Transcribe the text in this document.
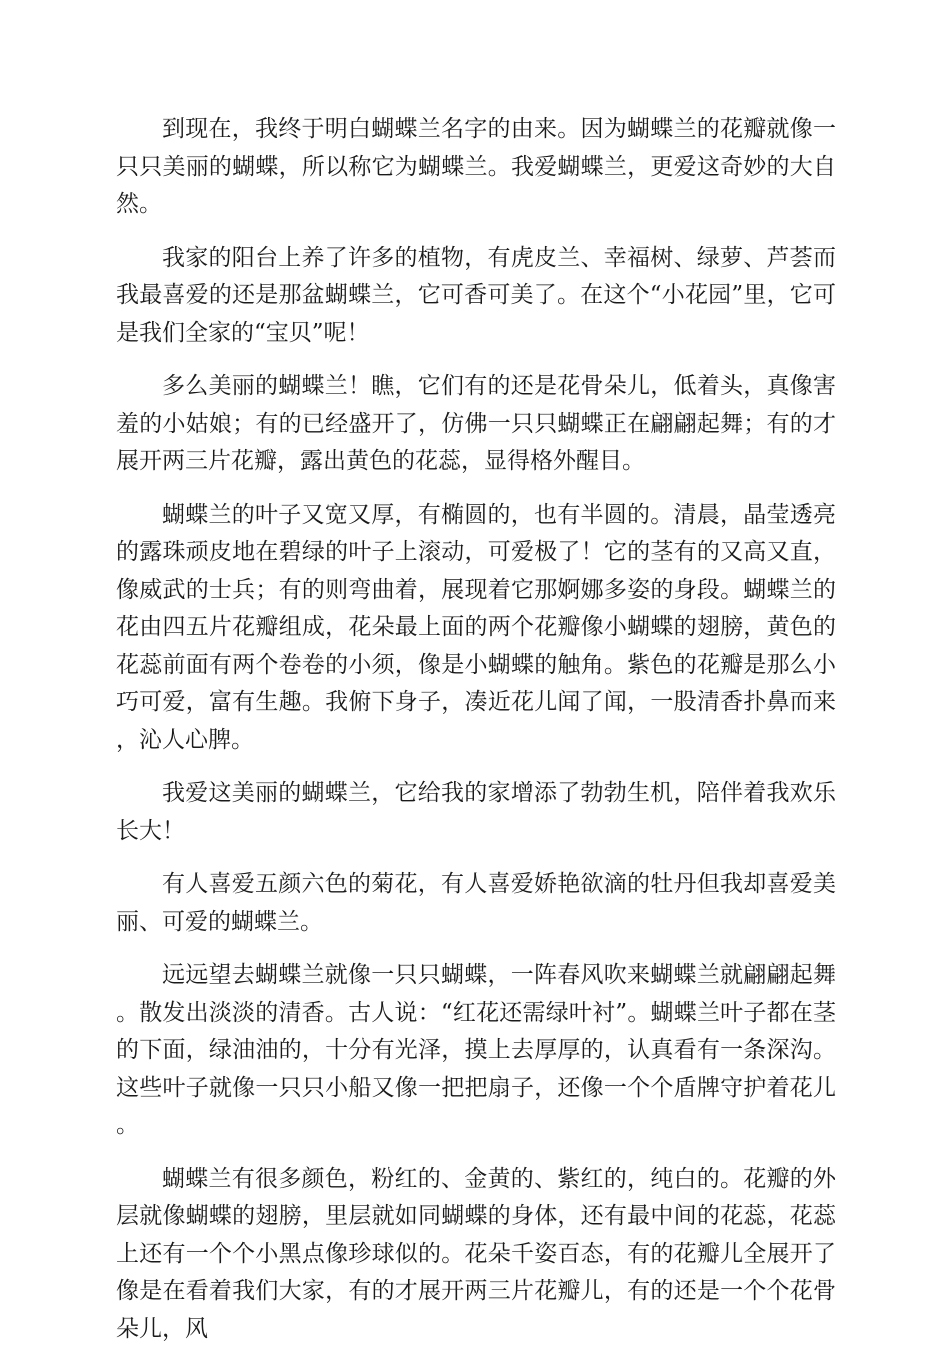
到现在，我终于明白蝴蝶兰名字的由来。因为蝴蝶兰的花瓣就像一只只美丽的蝴蝶，所以称它为蝴蝶兰。我爱蝴蝶兰，更爱这奇妙的大自然。

我家的阳台上养了许多的植物，有虎皮兰、幸福树、绿萝、芦荟而我最喜爱的还是那盆蝴蝶兰，它可香可美了。在这个“小花园”里，它可是我们全家的“宝贝”呢！

多么美丽的蝴蝶兰！瞧，它们有的还是花骨朵儿，低着头，真像害羞的小姑娘；有的已经盛开了，仿佛一只只蝴蝶正在翩翩起舞；有的才展开两三片花瓣，露出黄色的花蕊，显得格外醒目。

蝴蝶兰的叶子又宽又厚，有椭圆的，也有半圆的。清晨，晶莹透亮的露珠顽皮地在碧绿的叶子上滚动，可爱极了！它的茎有的又高又直，像威武的士兵；有的则弯曲着，展现着它那婀娜多姿的身段。蝴蝶兰的花由四五片花瓣组成，花朵最上面的两个花瓣像小蝴蝶的翅膀，黄色的花蕊前面有两个卷卷的小须，像是小蝴蝶的触角。紫色的花瓣是那么小巧可爱，富有生趣。我俯下身子，凑近花儿闻了闻，一股清香扑鼻而来，沁人心脾。

我爱这美丽的蝴蝶兰，它给我的家增添了勃勃生机，陪伴着我欢乐长大！

有人喜爱五颜六色的菊花，有人喜爱娇艳欲滴的牡丹但我却喜爱美丽、可爱的蝴蝶兰。

远远望去蝴蝶兰就像一只只蝴蝶，一阵春风吹来蝴蝶兰就翩翩起舞。散发出淡淡的清香。古人说：“红花还需绿叶衬”。蝴蝶兰叶子都在茎的下面，绿油油的，十分有光泽，摸上去厚厚的，认真看有一条深沟。这些叶子就像一只只小船又像一把把扇子，还像一个个盾牌守护着花儿。

蝴蝶兰有很多颜色，粉红的、金黄的、紫红的，纯白的。花瓣的外层就像蝴蝶的翅膀，里层就如同蝴蝶的身体，还有最中间的花蕊，花蕊上还有一个个小黑点像珍球似的。花朵千姿百态，有的花瓣儿全展开了像是在看着我们大家，有的才展开两三片花瓣儿，有的还是一个个花骨朵儿，风
